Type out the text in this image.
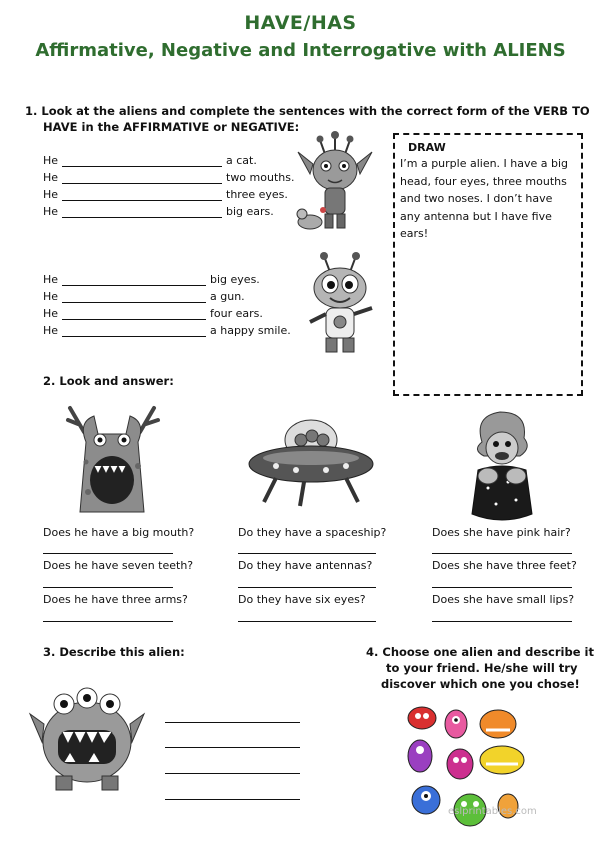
HAVE/HAS
Affirmative, Negative and Interrogative with ALIENS
1. Look at the aliens and complete the sentences with the correct form of the VERB TO
HAVE in the AFFIRMATIVE or NEGATIVE:
He	a cat.
He	two mouths.
He	three eyes.
He	big ears.
He	big eyes.
He	a gun.
He	four ears.
He	a happy smile.
DRAW
I’m a purple alien. I have a big
head, four eyes, three mouths
and two noses. I don’t have
any antenna but I have five
ears!
2. Look and answer:
Does he have a big mouth?
Does he have seven teeth?
Does he have three arms?
Do they have a spaceship?
Do they have antennas?
Do they have six eyes?
Does she have pink hair?
Does she have three feet?
Does she have small lips?
3. Describe this alien:	4. Choose one alien and describe it
to your friend. He/she will try
discover which one you chose!
eslprintables.com
